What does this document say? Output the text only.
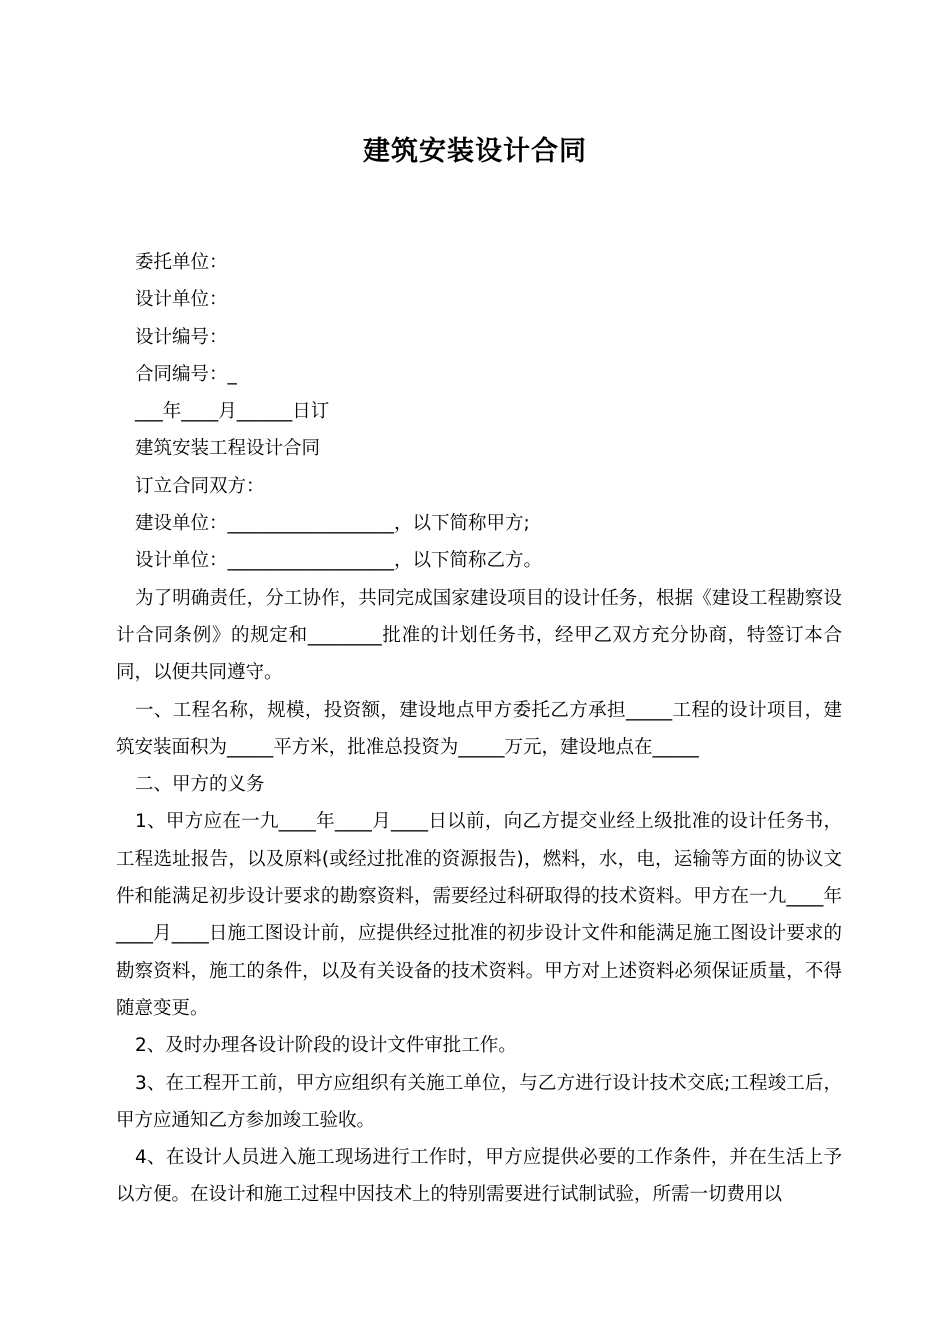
建筑安装设计合同

委托单位：

设计单位：

设计编号：

合同编号：_

___年____月______日订

建筑安装工程设计合同

订立合同双方：

建设单位：__________________，以下简称甲方;

设计单位：__________________，以下简称乙方。

为了明确责任，分工协作，共同完成国家建设项目的设计任务，根据《建设工程勘察设计合同条例》的规定和________批准的计划任务书，经甲乙双方充分协商，特签订本合同，以便共同遵守。

一、工程名称，规模，投资额，建设地点甲方委托乙方承担_____工程的设计项目，建筑安装面积为_____平方米，批准总投资为_____万元，建设地点在_____

二、甲方的义务

1、甲方应在一九____年____月____日以前，向乙方提交业经上级批准的设计任务书，工程选址报告，以及原料(或经过批准的资源报告)，燃料，水，电，运输等方面的协议文件和能满足初步设计要求的勘察资料，需要经过科研取得的技术资料。甲方在一九____年____月____日施工图设计前，应提供经过批准的初步设计文件和能满足施工图设计要求的勘察资料，施工的条件，以及有关设备的技术资料。甲方对上述资料必须保证质量，不得随意变更。

2、及时办理各设计阶段的设计文件审批工作。

3、在工程开工前，甲方应组织有关施工单位，与乙方进行设计技术交底;工程竣工后，甲方应通知乙方参加竣工验收。

4、在设计人员进入施工现场进行工作时，甲方应提供必要的工作条件，并在生活上予以方便。在设计和施工过程中因技术上的特别需要进行试制试验，所需一切费用以
